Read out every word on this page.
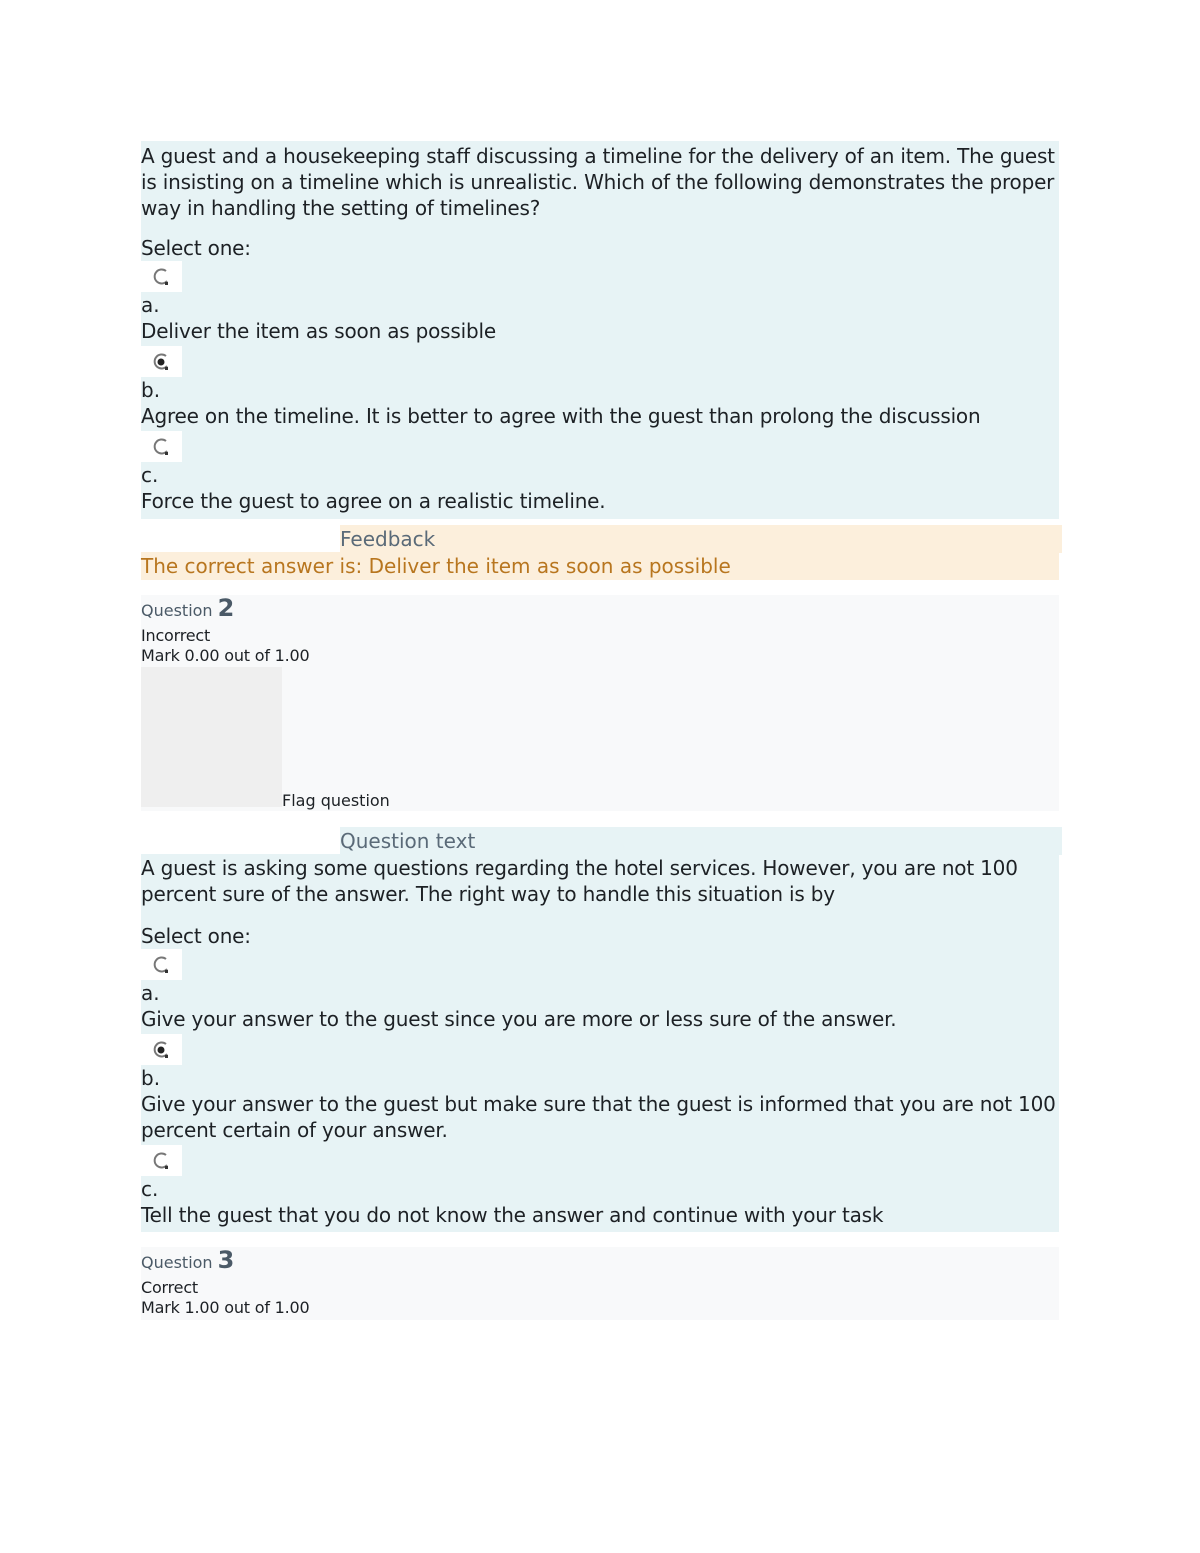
A guest and a housekeeping staff discussing a timeline for the delivery of an item. The guest is insisting on a timeline which is unrealistic. Which of the following demonstrates the proper way in handling the setting of timelines?
Select one:
a.
Deliver the item as soon as possible
b.
Agree on the timeline. It is better to agree with the guest than prolong the discussion
c.
Force the guest to agree on a realistic timeline.
Feedback
The correct answer is: Deliver the item as soon as possible
Question 2
Incorrect
Mark 0.00 out of 1.00
Flag question
Question text
A guest is asking some questions regarding the hotel services. However, you are not 100 percent sure of the answer. The right way to handle this situation is by
Select one:
a.
Give your answer to the guest since you are more or less sure of the answer.
b.
Give your answer to the guest but make sure that the guest is informed that you are not 100 percent certain of your answer.
c.
Tell the guest that you do not know the answer and continue with your task
Question 3
Correct
Mark 1.00 out of 1.00
